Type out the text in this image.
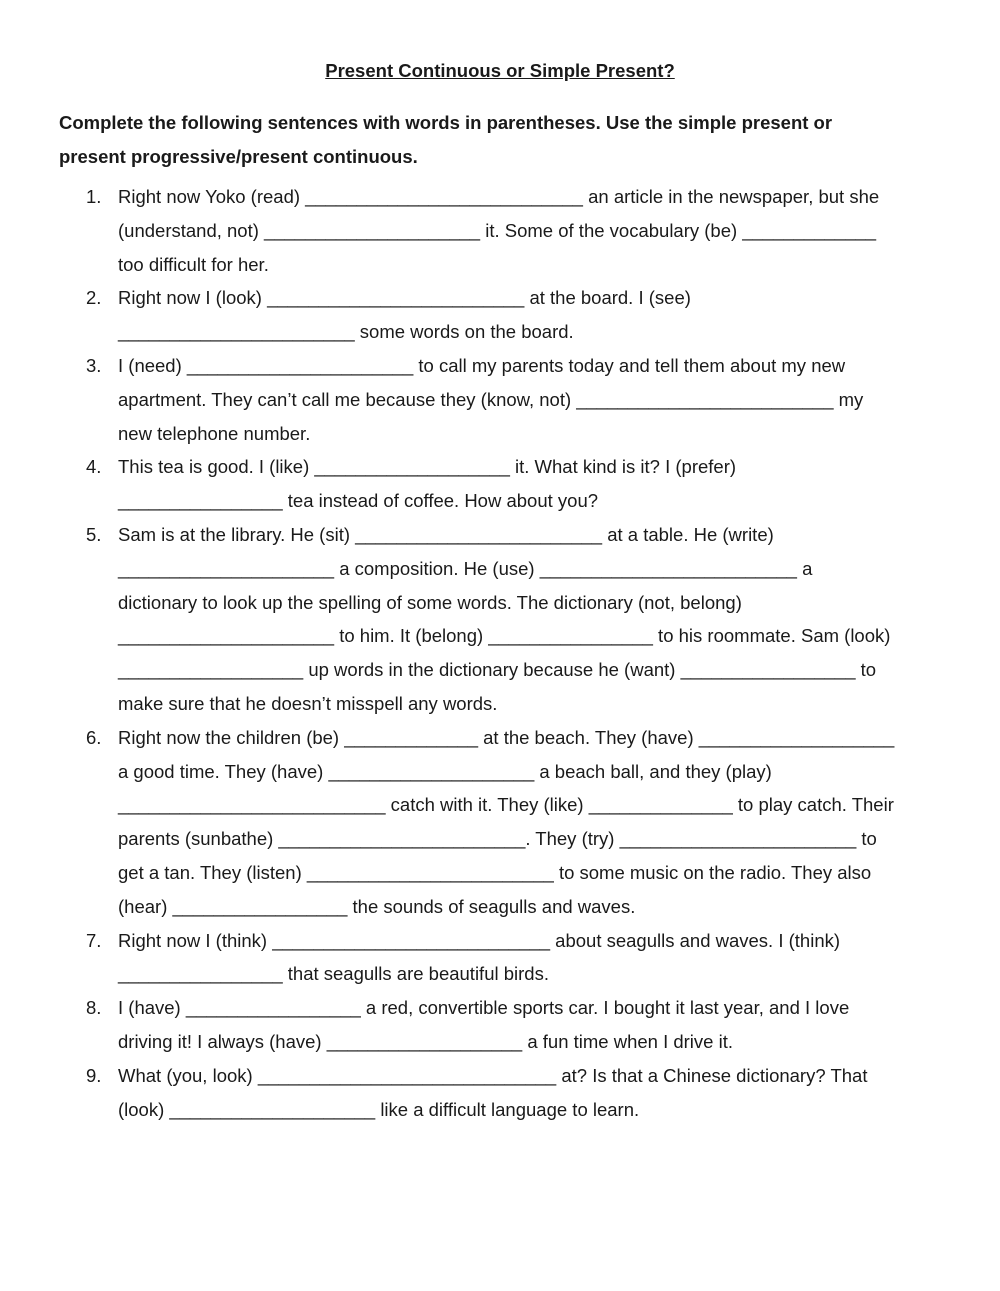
Present Continuous or Simple Present?
Complete the following sentences with words in parentheses. Use the simple present or
present progressive/present continuous.
1. Right now Yoko (read) ___________________________ an article in the newspaper, but she
(understand, not) _____________________ it. Some of the vocabulary (be) _____________
too difficult for her.
2. Right now I (look) _________________________ at the board. I (see)
_______________________ some words on the board.
3. I (need) ______________________ to call my parents today and tell them about my new
apartment. They can’t call me because they (know, not) _________________________ my
new telephone number.
4. This tea is good. I (like) ___________________ it. What kind is it? I (prefer)
________________ tea instead of coffee. How about you?
5. Sam is at the library. He (sit) ________________________ at a table. He (write)
_____________________ a composition. He (use) _________________________ a
dictionary to look up the spelling of some words. The dictionary (not, belong)
_____________________ to him. It (belong) ________________ to his roommate. Sam (look)
__________________ up words in the dictionary because he (want) _________________ to
make sure that he doesn’t misspell any words.
6. Right now the children (be) _____________ at the beach. They (have) ___________________
a good time. They (have) ____________________ a beach ball, and they (play)
__________________________ catch with it. They (like) ______________ to play catch. Their
parents (sunbathe) ________________________. They (try) _______________________ to
get a tan. They (listen) ________________________ to some music on the radio. They also
(hear) _________________ the sounds of seagulls and waves.
7. Right now I (think) ___________________________ about seagulls and waves. I (think)
________________ that seagulls are beautiful birds.
8. I (have) _________________ a red, convertible sports car. I bought it last year, and I love
driving it! I always (have) ___________________ a fun time when I drive it.
9. What (you, look) _____________________________ at? Is that a Chinese dictionary? That
(look) ____________________ like a difficult language to learn.
